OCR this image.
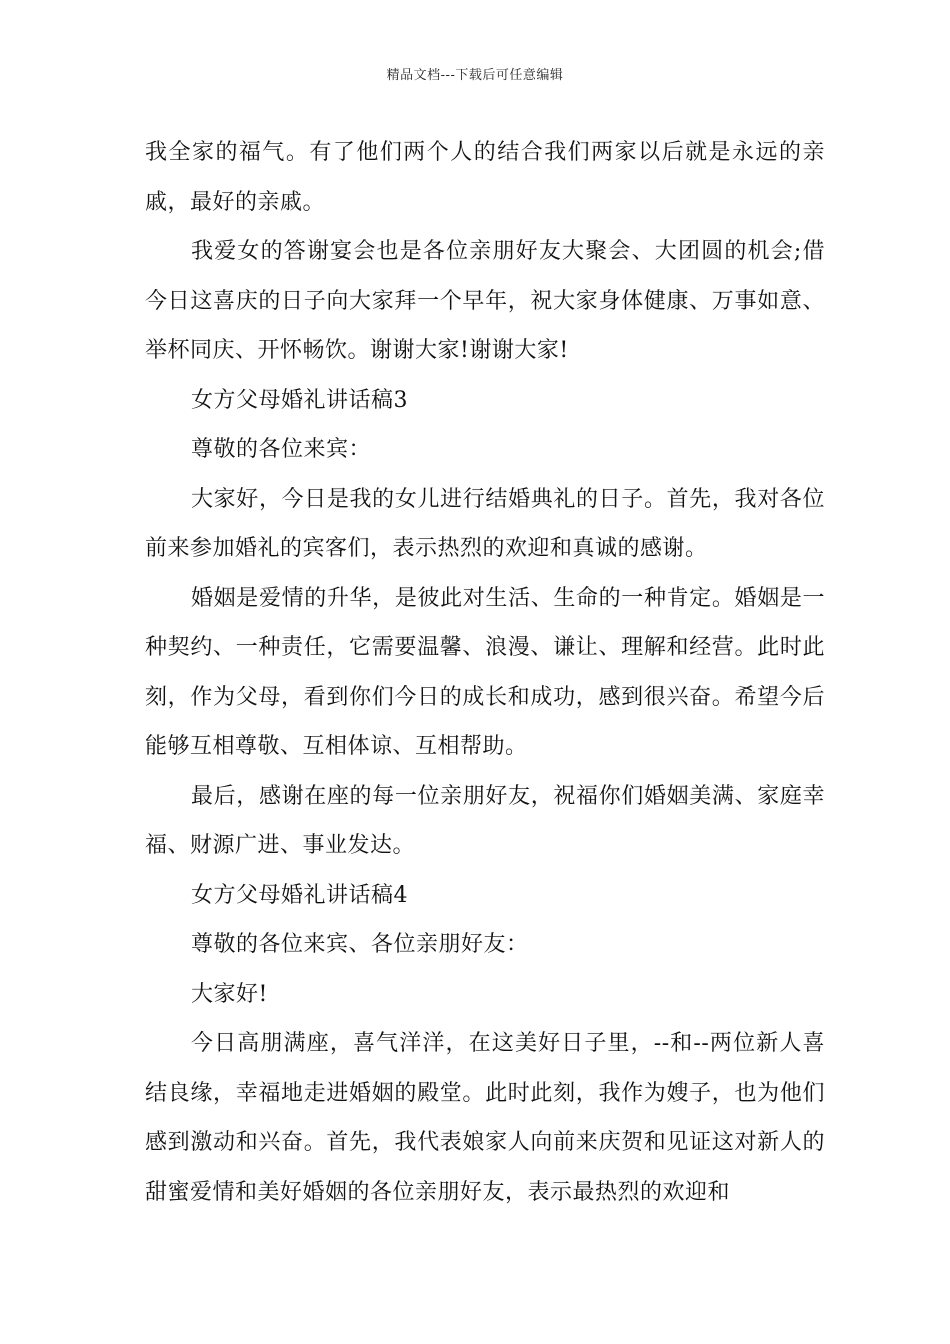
精品文档---下载后可任意编辑

我全家的福气。有了他们两个人的结合我们两家以后就是永远的亲戚，最好的亲戚。

我爱女的答谢宴会也是各位亲朋好友大聚会、大团圆的机会;借今日这喜庆的日子向大家拜一个早年，祝大家身体健康、万事如意、举杯同庆、开怀畅饮。谢谢大家!谢谢大家!

女方父母婚礼讲话稿3

尊敬的各位来宾：

大家好，今日是我的女儿进行结婚典礼的日子。首先，我对各位前来参加婚礼的宾客们，表示热烈的欢迎和真诚的感谢。

婚姻是爱情的升华，是彼此对生活、生命的一种肯定。婚姻是一种契约、一种责任，它需要温馨、浪漫、谦让、理解和经营。此时此刻，作为父母，看到你们今日的成长和成功，感到很兴奋。希望今后能够互相尊敬、互相体谅、互相帮助。

最后，感谢在座的每一位亲朋好友，祝福你们婚姻美满、家庭幸福、财源广进、事业发达。

女方父母婚礼讲话稿4

尊敬的各位来宾、各位亲朋好友：

大家好!

今日高朋满座，喜气洋洋，在这美好日子里，--和--两位新人喜结良缘，幸福地走进婚姻的殿堂。此时此刻，我作为嫂子，也为他们感到激动和兴奋。首先，我代表娘家人向前来庆贺和见证这对新人的甜蜜爱情和美好婚姻的各位亲朋好友，表示最热烈的欢迎和
